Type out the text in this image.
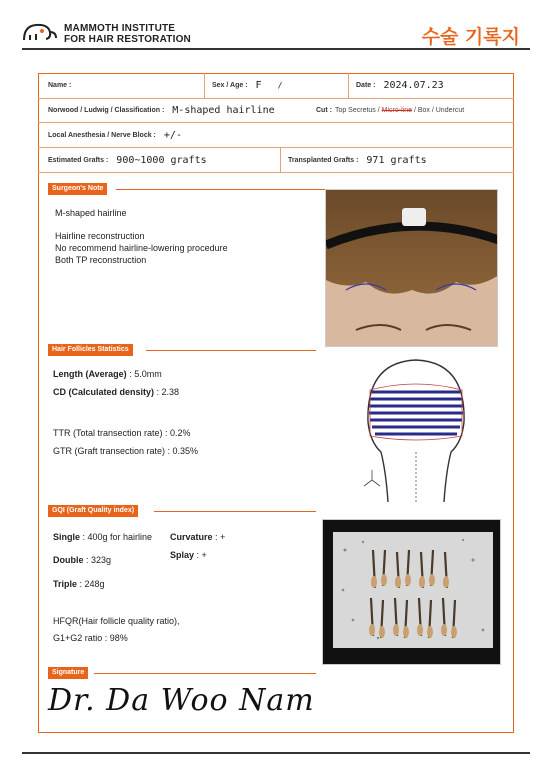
MAMMOTH INSTITUTE
FOR HAIR RESTORATION	수술 기록지
Name :	Sex / Age : F /	Date : 2024.07.23
Norwood / Ludwig / Classification : M-shaped hairline	Cut : Top Secretus / Micro-line / Box / Undercut
Local Anesthesia / Nerve Block : +/-
Estimated Grafts : 900~1000 grafts	Transplanted Grafts : 971 grafts
Surgeon's Note
M-shaped hairline
Hairline reconstruction
No recommend hairline-lowering procedure
Both TP reconstruction
Hair Follicles Statistics
Length (Average) : 5.0mm
CD (Calculated density) : 2.38
TTR (Total transection rate) : 0.2%
GTR (Graft transection rate) : 0.35%
GQI (Graft Quality index)
Single : 400g for hairline Curvature : +
Splay : +
Double : 323g
Triple : 248g
HFQR(Hair follicle quality ratio),
G1+G2 ratio : 98%
Signature
Dr. Da Woo Nam
